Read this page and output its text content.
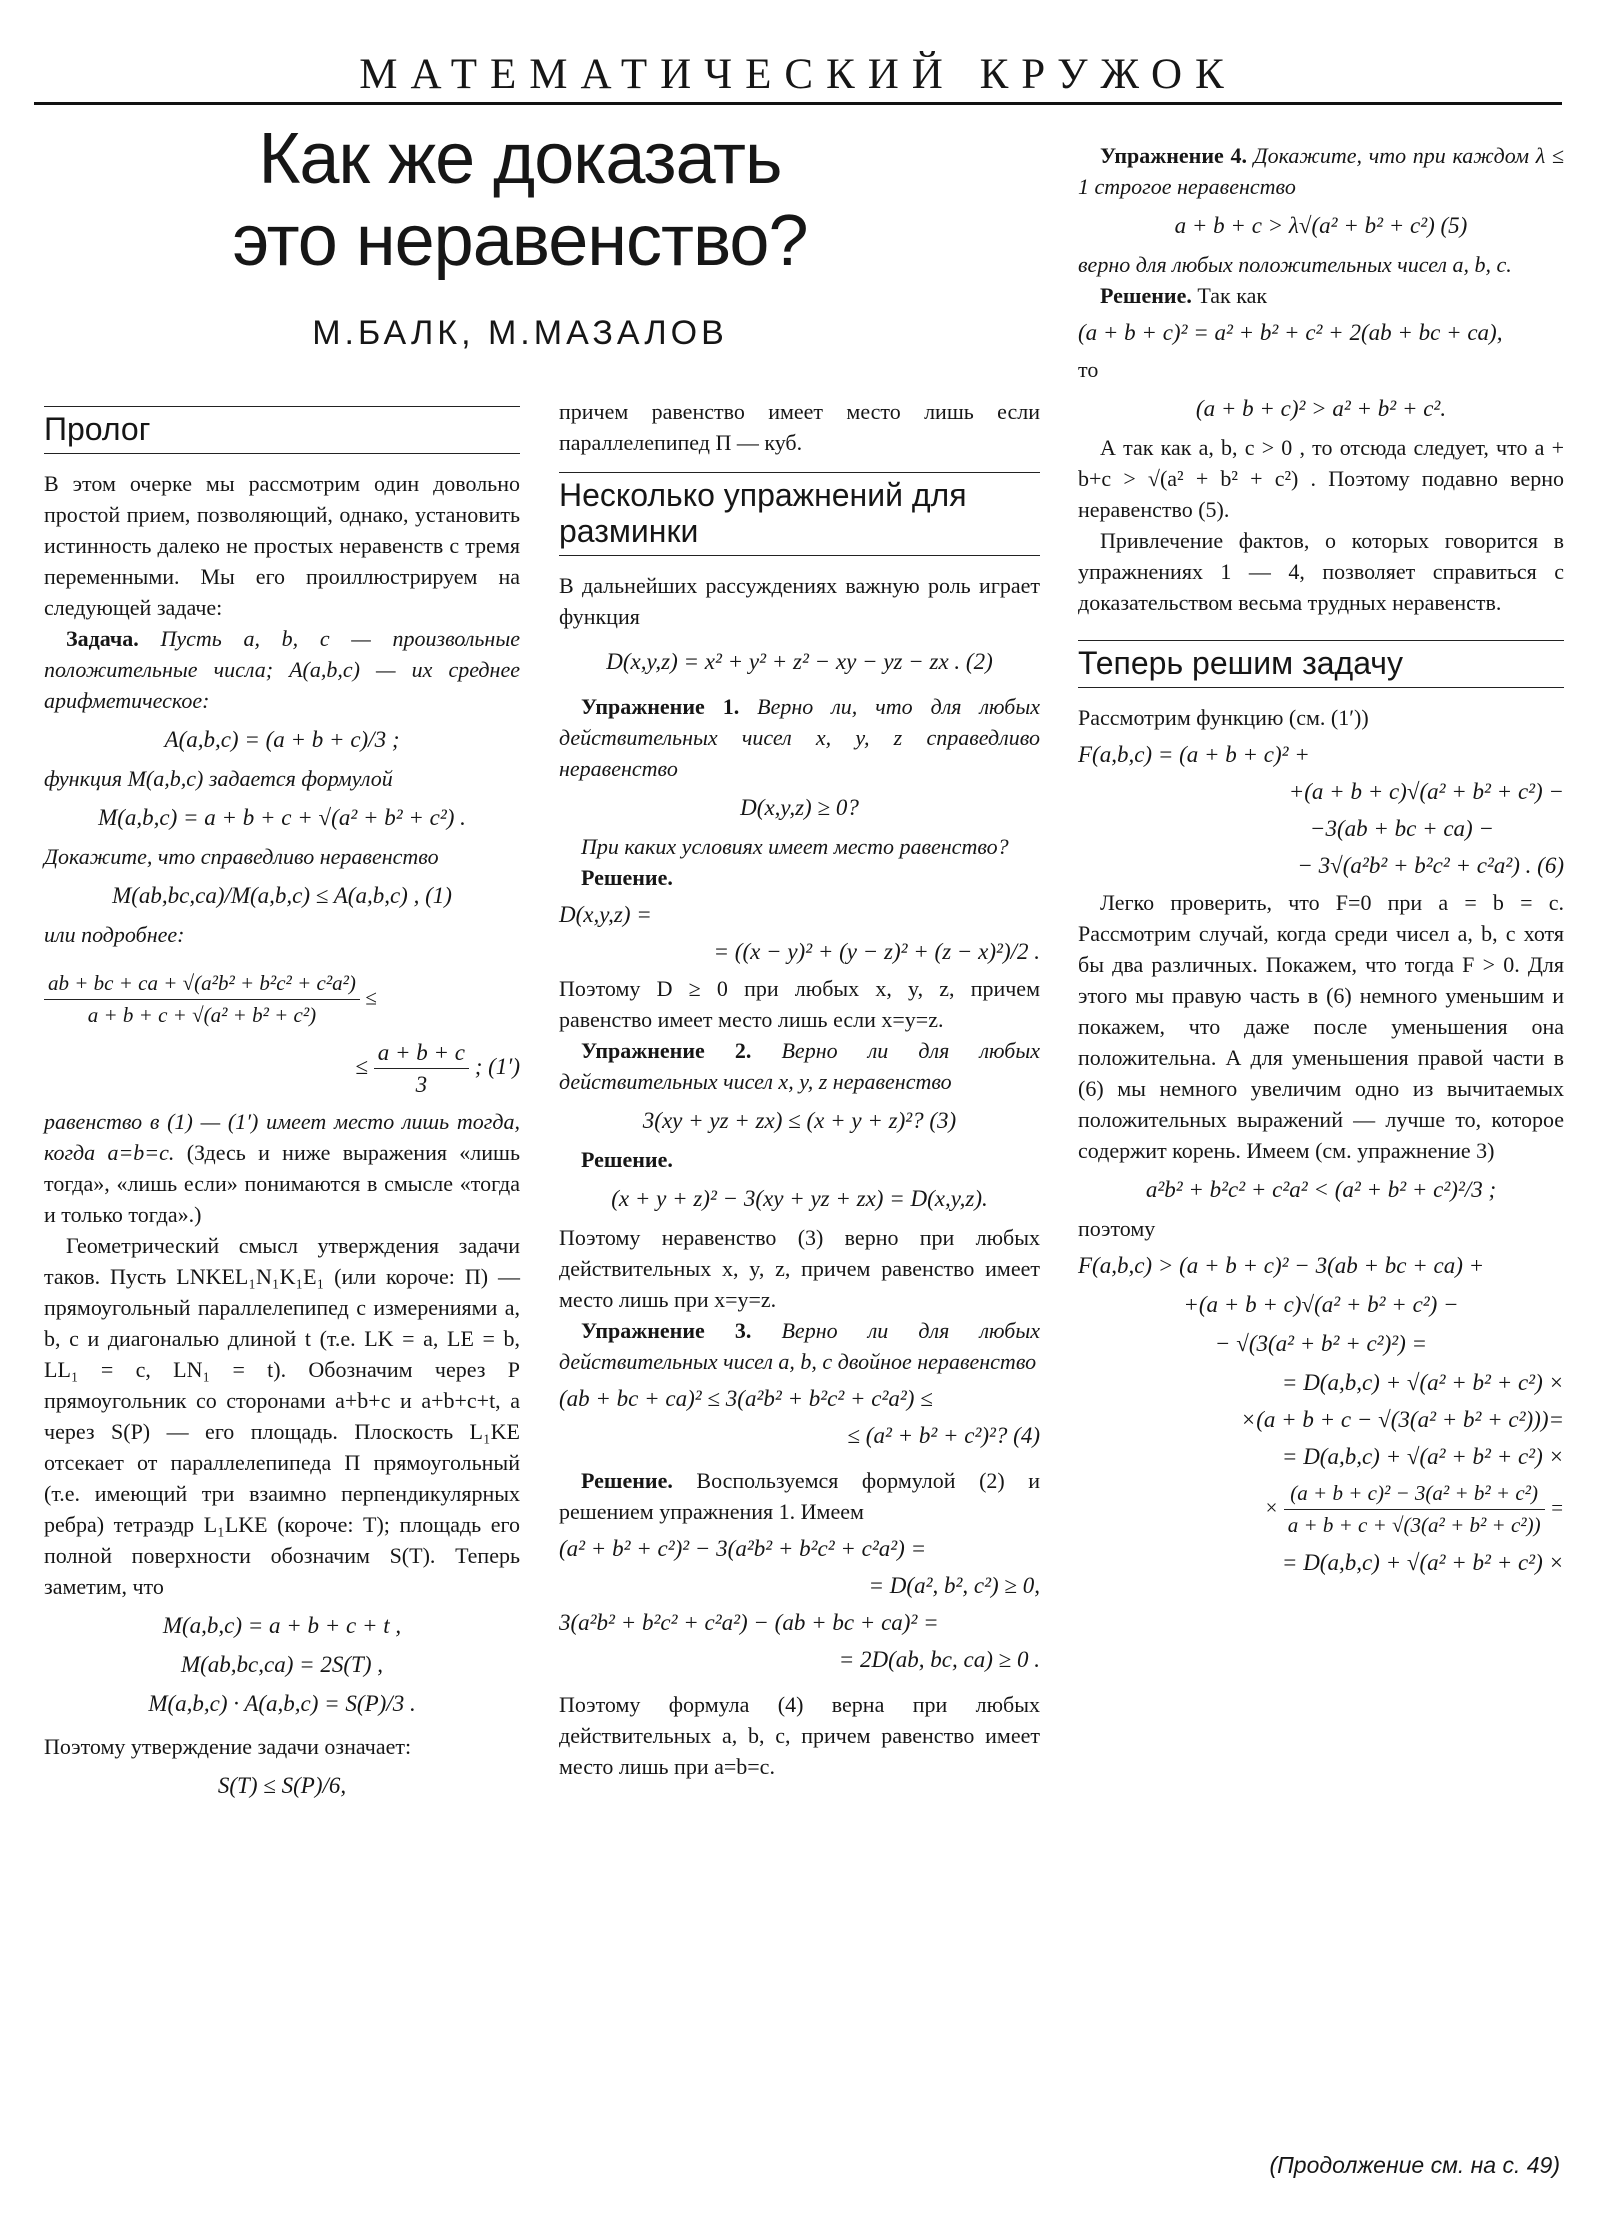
МАТЕМАТИЧЕСКИЙ КРУЖОК
Как же доказать
это неравенство?
М.БАЛК, М.МАЗАЛОВ
Пролог

В этом очерке мы рассмотрим один довольно простой прием, позволяющий, однако, установить истинность далеко не простых неравенств с тремя переменными. Мы его проиллюстрируем на следующей задаче:

Задача. Пусть a, b, c — произвольные положительные числа; A(a,b,c) — их среднее арифметическое:

A(a,b,c) = (a + b + c)/3 ;

функция M(a,b,c) задается формулой

M(a,b,c) = a + b + c + √(a² + b² + c²) .

Докажите, что справедливо неравенство

M(ab,bc,ca)/M(a,b,c) ≤ A(a,b,c) , (1)

или подробнее:

$\frac{\text{ab + bc + ca + √(a²b² + b²c² + c²a²)}}{\text{a + b + c + √(a² + b² + c²)}}$ ≤
≤ $\frac{a + b + c}{3}$ ; (1′)

равенство в (1) — (1′) имеет место лишь тогда, когда a=b=c. (Здесь и ниже выражения «лишь тогда», «лишь если» понимаются в смысле «тогда и только тогда».)

Геометрический смысл утверждения задачи таков. Пусть LNKEL₁N₁K₁E₁ (или короче: П) — прямоугольный параллелепипед с измерениями a, b, c и диагональю длиной t (т.е. LK = a, LE = b, LL₁ = c, LN₁ = t). Обозначим через P прямоугольник со сторонами a+b+c и a+b+c+t, а через S(P) — его площадь. Плоскость L₁KE отсекает от параллелепипеда П прямоугольный (т.е. имеющий три взаимно перпендикулярных ребра) тетраэдр L₁LKE (короче: T); площадь его полной поверхности обозначим S(T). Теперь заметим, что

M(a,b,c) = a + b + c + t ,
M(ab,bc,ca) = 2S(T) ,
M(a,b,c) · A(a,b,c) = S(P)/3 .

Поэтому утверждение задачи означает:

S(T) ≤ S(P)/6,

причем равенство имеет место лишь если параллелепипед П — куб.

Несколько упражнений для разминки

В дальнейших рассуждениях важную роль играет функция

D(x,y,z) = x² + y² + z² − xy − yz − zx . (2)

Упражнение 1. Верно ли, что для любых действительных чисел x, y, z справедливо неравенство

D(x,y,z) ≥ 0?

При каких условиях имеет место равенство?

Решение.

D(x,y,z) =
= ((x − y)² + (y − z)² + (z − x)²)/2 .

Поэтому D ≥ 0 при любых x, y, z, причем равенство имеет место лишь если x=y=z.

Упражнение 2. Верно ли для любых действительных чисел x, y, z неравенство

3(xy + yz + zx) ≤ (x + y + z)²? (3)

Решение.

(x + y + z)² − 3(xy + yz + zx) = D(x,y,z).

Поэтому неравенство (3) верно при любых действительных x, y, z, причем равенство имеет место лишь при x=y=z.

Упражнение 3. Верно ли для любых действительных чисел a, b, c двойное неравенство

(ab + bc + ca)² ≤ 3(a²b² + b²c² + c²a²) ≤
≤ (a² + b² + c²)²? (4)

Решение. Воспользуемся формулой (2) и решением упражнения 1. Имеем

(a² + b² + c²)² − 3(a²b² + b²c² + c²a²) =
= D(a², b², c²) ≥ 0,
3(a²b² + b²c² + c²a²) − (ab + bc + ca)² =
= 2D(ab, bc, ca) ≥ 0 .

Поэтому формула (4) верна при любых действительных a, b, c, причем равенство имеет место лишь при a=b=c.

Упражнение 4. Докажите, что при каждом λ ≤ 1 строгое неравенство

a + b + c > λ√(a² + b² + c²) (5)

верно для любых положительных чисел a, b, c.

Решение. Так как

(a + b + c)² = a² + b² + c² + 2(ab + bc + ca),

то

(a + b + c)² > a² + b² + c².

А так как a, b, c > 0 , то отсюда следует, что a + b+c > √(a² + b² + c²) . Поэтому подавно верно неравенство (5).

Привлечение фактов, о которых говорится в упражнениях 1 — 4, позволяет справиться с доказательством весьма трудных неравенств.

Теперь решим задачу

Рассмотрим функцию (см. (1′))

F(a,b,c) = (a + b + c)² +
+(a + b + c)√(a² + b² + c²) −
−3(ab + bc + ca) −
− 3√(a²b² + b²c² + c²a²) . (6)

Легко проверить, что F=0 при a = b = c. Рассмотрим случай, когда среди чисел a, b, c хотя бы два различных. Покажем, что тогда F > 0. Для этого мы правую часть в (6) немного уменьшим и покажем, что даже после уменьшения она положительна. А для уменьшения правой части в (6) мы немного увеличим одно из вычитаемых положительных выражений — лучше то, которое содержит корень. Имеем (см. упражнение 3)

a²b² + b²c² + c²a² < (a² + b² + c²)²/3 ;

поэтому

F(a,b,c) > (a + b + c)² − 3(ab + bc + ca) +
+(a + b + c)√(a² + b² + c²) −
− √(3(a² + b² + c²)²) =
= D(a,b,c) + √(a² + b² + c²) ×
×(a + b + c − √(3(a² + b² + c²)))=
= D(a,b,c) + √(a² + b² + c²) ×
× $\frac{\text{(a + b + c)² − 3(a² + b² + c²)}}{\text{a + b + c + √(3(a² + b² + c²))}}$ =
= D(a,b,c) + √(a² + b² + c²) ×
(Продолжение см. на с. 49)
